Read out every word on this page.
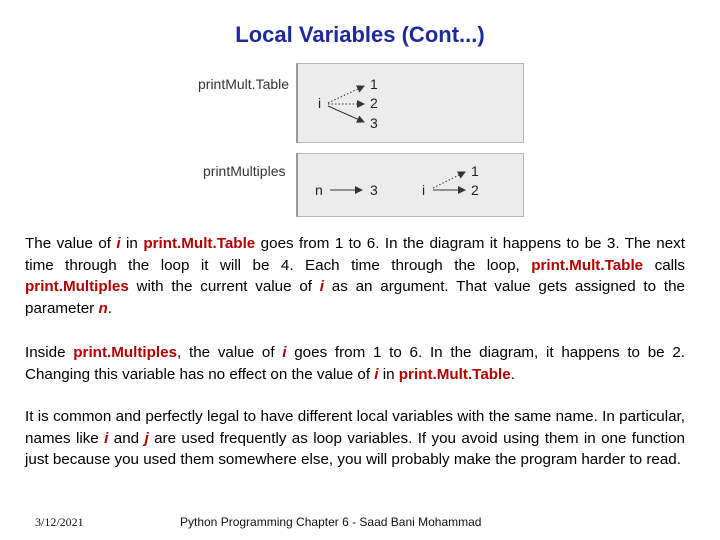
Local Variables (Cont...)
printMult.Table
printMultiples
i
1
2
3
n	3	i
1
2
The value of i in print.Mult.Table goes from 1 to 6. In the diagram it happens to be 3. The next time through the loop it will be 4. Each time through the loop, print.Mult.Table calls print.Multiples with the current value of i as an argument. That value gets assigned to the parameter n.
Inside print.Multiples, the value of i goes from 1 to 6. In the diagram, it happens to be 2. Changing this variable has no effect on the value of i in print.Mult.Table.
It is common and perfectly legal to have different local variables with the same name. In particular, names like i and j are used frequently as loop variables. If you avoid using them in one function just because you used them somewhere else, you will probably make the program harder to read.
3/12/2021	Python Programming Chapter 6 - Saad Bani Mohammad
